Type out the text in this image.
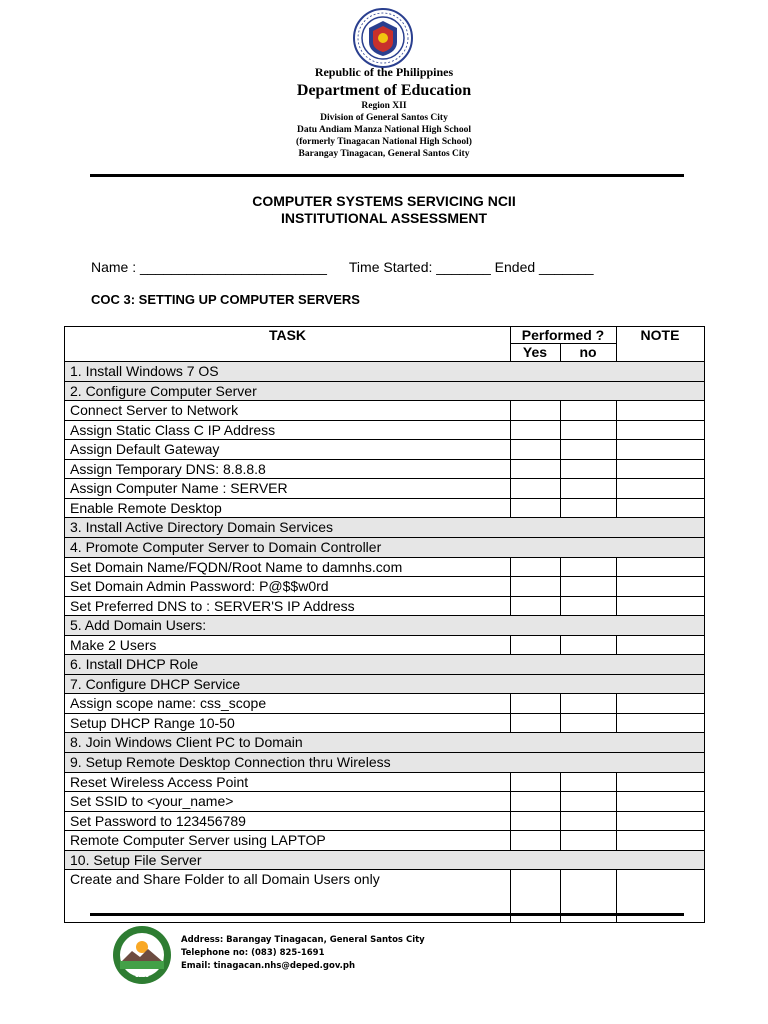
Republic of the Philippines
Department of Education
Region XII
Division of General Santos City
Datu Andiam Manza National High School
(formerly Tinagacan National High School)
Barangay Tinagacan, General Santos City
COMPUTER SYSTEMS SERVICING NCII
INSTITUTIONAL ASSESSMENT
Name : ________________________ Time Started: _______ Ended _______
COC 3: SETTING UP COMPUTER SERVERS
TASK	Performed ?
Yes	no
NOTE
1. Install Windows 7 OS
2. Configure Computer Server
Connect Server to Network
Assign Static Class C IP Address
Assign Default Gateway
Assign Temporary DNS: 8.8.8.8
Assign Computer Name : SERVER
Enable Remote Desktop
3. Install Active Directory Domain Services
4. Promote Computer Server to Domain Controller
Set Domain Name/FQDN/Root Name to damnhs.com
Set Domain Admin Password: P@$$w0rd
Set Preferred DNS to : SERVER'S IP Address
5. Add Domain Users:
Make 2 Users
6. Install DHCP Role
7. Configure DHCP Service
Assign scope name: css_scope
Setup DHCP Range 10-50
8. Join Windows Client PC to Domain
9. Setup Remote Desktop Connection thru Wireless
Reset Wireless Access Point
Set SSID to <your_name>
Set Password to 123456789
Remote Computer Server using LAPTOP
10. Setup File Server
Create and Share Folder to all Domain Users only
1983
Address: Barangay Tinagacan, General Santos City
Telephone no: (083) 825-1691
Email: tinagacan.nhs@deped.gov.ph
